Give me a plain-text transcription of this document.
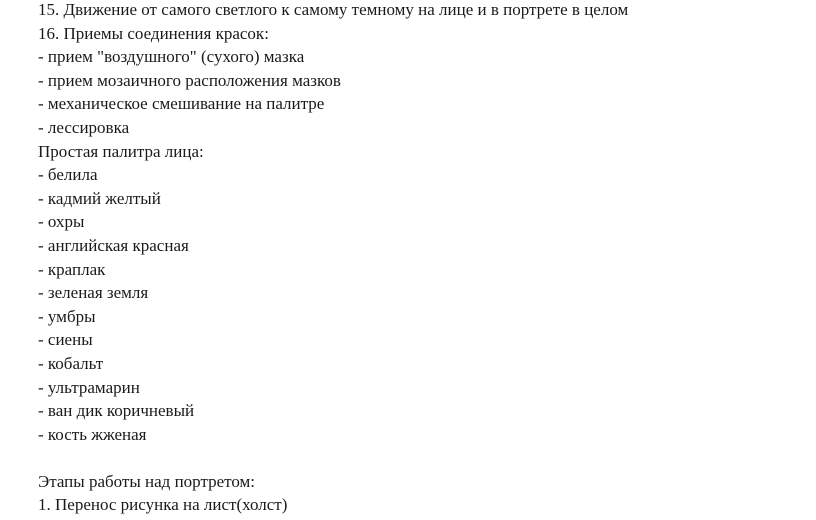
15. Движение от самого светлого к самому темному на лице и в портрете в целом
16. Приемы соединения красок:
- прием "воздушного" (сухого) мазка
- прием мозаичного расположения мазков
- механическое смешивание на палитре
- лессировка
Простая палитра лица:
- белила
- кадмий желтый
- охры
- английская красная
- краплак
- зеленая земля
- умбры
- сиены
- кобальт
- ультрамарин
- ван дик коричневый
- кость жженая
Этапы работы над портретом:
1. Перенос рисунка на лист(холст)
